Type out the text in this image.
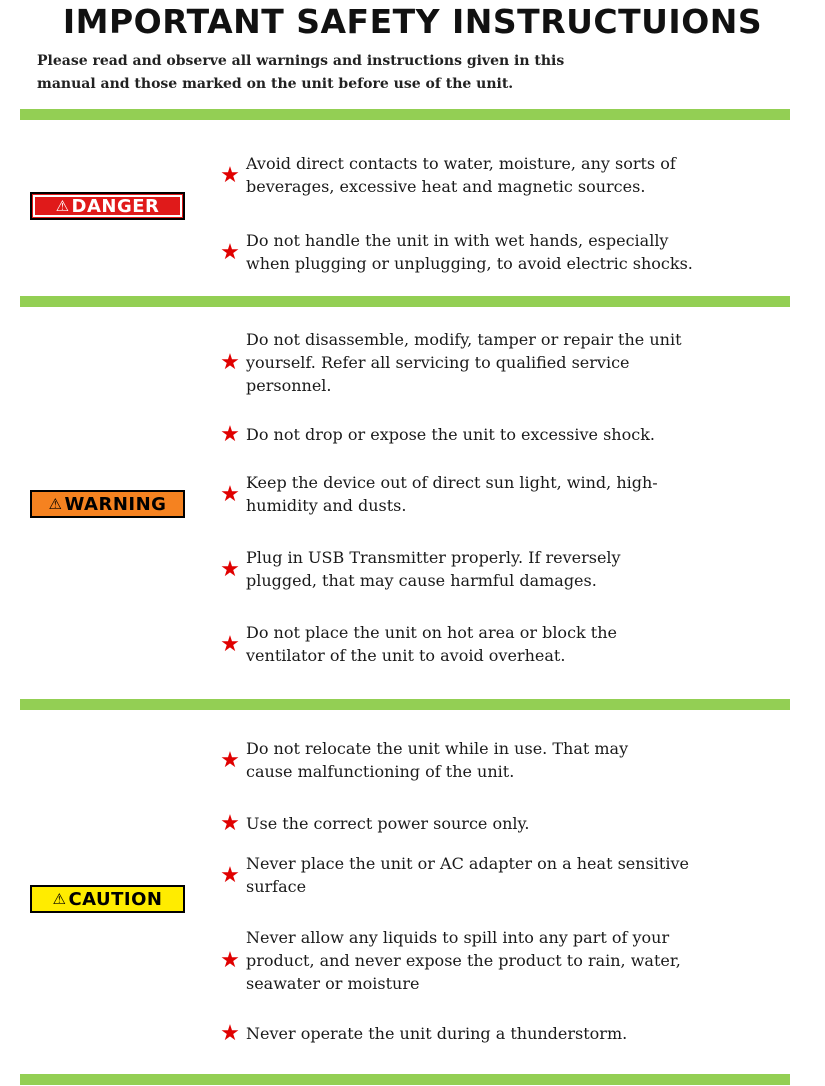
IMPORTANT SAFETY INSTRUCTUIONS
Please read and observe all warnings and instructions given in this
manual and those marked on the unit before use of the unit.
⚠ DANGER
★ Avoid direct contacts to water, moisture, any sorts of
beverages, excessive heat and magnetic sources.
★ Do not handle the unit in with wet hands, especially
when plugging or unplugging, to avoid electric shocks.
⚠ WARNING
★
Do not disassemble, modify, tamper or repair the unit
yourself. Refer all servicing to qualified service
personnel.
★ Do not drop or expose the unit to excessive shock.
★ Keep the device out of direct sun light, wind, high-
humidity and dusts.
★ Plug in USB Transmitter properly. If reversely
plugged, that may cause harmful damages.
★ Do not place the unit on hot area or block the
ventilator of the unit to avoid overheat.
⚠ CAUTION
★ Do not relocate the unit while in use. That may
cause malfunctioning of the unit.
★ Use the correct power source only.
★ Never place the unit or AC adapter on a heat sensitive
surface
★
Never allow any liquids to spill into any part of your
product, and never expose the product to rain, water,
seawater or moisture
★ Never operate the unit during a thunderstorm.
